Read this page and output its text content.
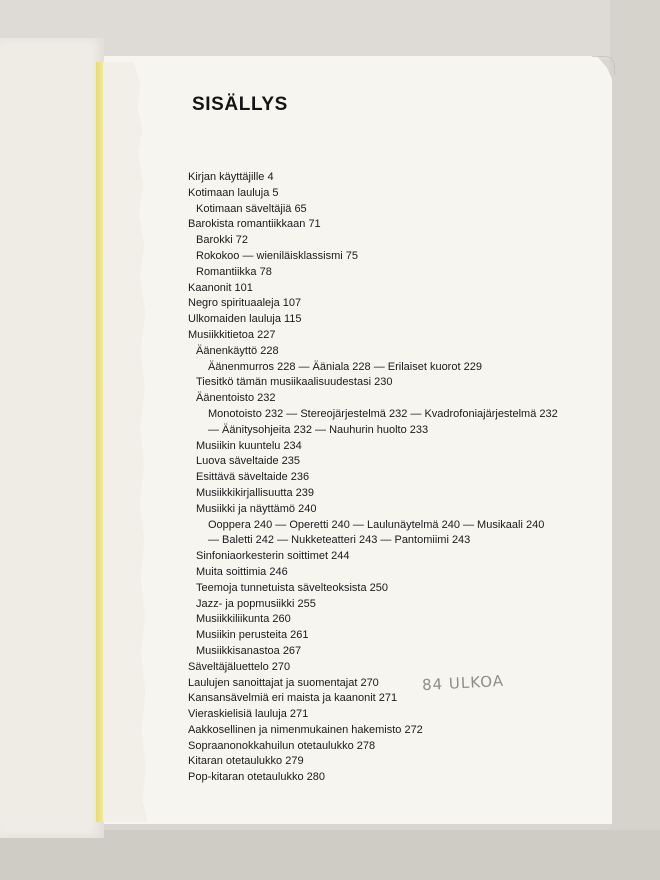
SISÄLLYS
Kirjan käyttäjille 4
Kotimaan lauluja 5
Kotimaan säveltäjiä 65
Barokista romantiikkaan 71
Barokki 72
Rokokoo — wieniläisklassismi 75
Romantiikka 78
Kaanonit 101
Negro spirituaaleja 107
Ulkomaiden lauluja 115
Musiikkitietoa 227
Äänenkäyttö 228
Äänenmurros 228 — Ääniala 228 — Erilaiset kuorot 229
Tiesitkö tämän musiikaalisuudestasi 230
Äänentoisto 232
Monotoisto 232 — Stereojärjestelmä 232 — Kvadrofoniajärjestelmä 232
— Äänitysohjeita 232 — Nauhurin huolto 233
Musiikin kuuntelu 234
Luova säveltaide 235
Esittävä säveltaide 236
Musiikkikirjallisuutta 239
Musiikki ja näyttämö 240
Ooppera 240 — Operetti 240 — Laulunäytelmä 240 — Musikaali 240
— Baletti 242 — Nukketeatteri 243 — Pantomiimi 243
Sinfoniaorkesterin soittimet 244
Muita soittimia 246
Teemoja tunnetuista sävelteoksista 250
Jazz- ja popmusiikki 255
Musiikkiliikunta 260
Musiikin perusteita 261
Musiikkisanastoa 267
Säveltäjäluettelo 270
Laulujen sanoittajat ja suomentajat 270
Kansansävelmiä eri maista ja kaanonit 271
Vieraskielisiä lauluja 271
Aakkosellinen ja nimenmukainen hakemisto 272
Sopraanonokkahuilun otetaulukko 278
Kitaran otetaulukko 279
Pop-kitaran otetaulukko 280
84 ULKOA
